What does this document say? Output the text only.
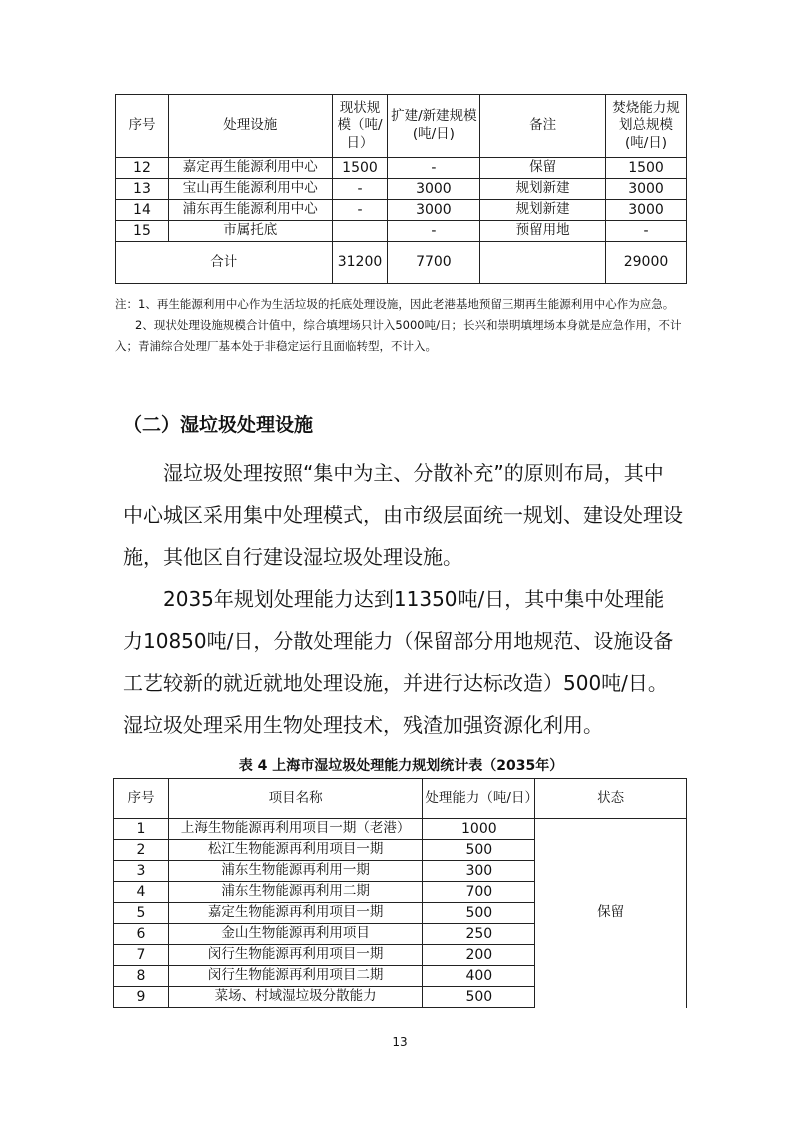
序号	处理设施	现状规模（吨/日）	扩建/新建规模(吨/日)	备注	焚烧能力规划总规模(吨/日)
12	嘉定再生能源利用中心	1500	-	保留	1500
13	宝山再生能源利用中心	-	3000	规划新建	3000
14	浦东再生能源利用中心	-	3000	规划新建	3000
15	市属托底		-	预留用地	-
合计		31200	7700		29000

注：1、再生能源利用中心作为生活垃圾的托底处理设施，因此老港基地预留三期再生能源利用中心作为应急。

2、现状处理设施规模合计值中，综合填埋场只计入5000吨/日；长兴和崇明填埋场本身就是应急作用，不计入；青浦综合处理厂基本处于非稳定运行且面临转型，不计入。

（二）湿垃圾处理设施

湿垃圾处理按照“集中为主、分散补充”的原则布局，其中中心城区采用集中处理模式，由市级层面统一规划、建设处理设施，其他区自行建设湿垃圾处理设施。

2035年规划处理能力达到11350吨/日，其中集中处理能力10850吨/日，分散处理能力（保留部分用地规范、设施设备工艺较新的就近就地处理设施，并进行达标改造）500吨/日。湿垃圾处理采用生物处理技术，残渣加强资源化利用。

表 4 上海市湿垃圾处理能力规划统计表（2035年）
序号	项目名称	处理能力（吨/日）	状态
1	上海生物能源再利用项目一期（老港）	1000	保留
2	松江生物能源再利用项目一期	500	
3	浦东生物能源再利用一期	300	
4	浦东生物能源再利用二期	700	
5	嘉定生物能源再利用项目一期	500	
6	金山生物能源再利用项目	250	
7	闵行生物能源再利用项目一期	200	
8	闵行生物能源再利用项目二期	400	
9	菜场、村域湿垃圾分散能力	500	
13
